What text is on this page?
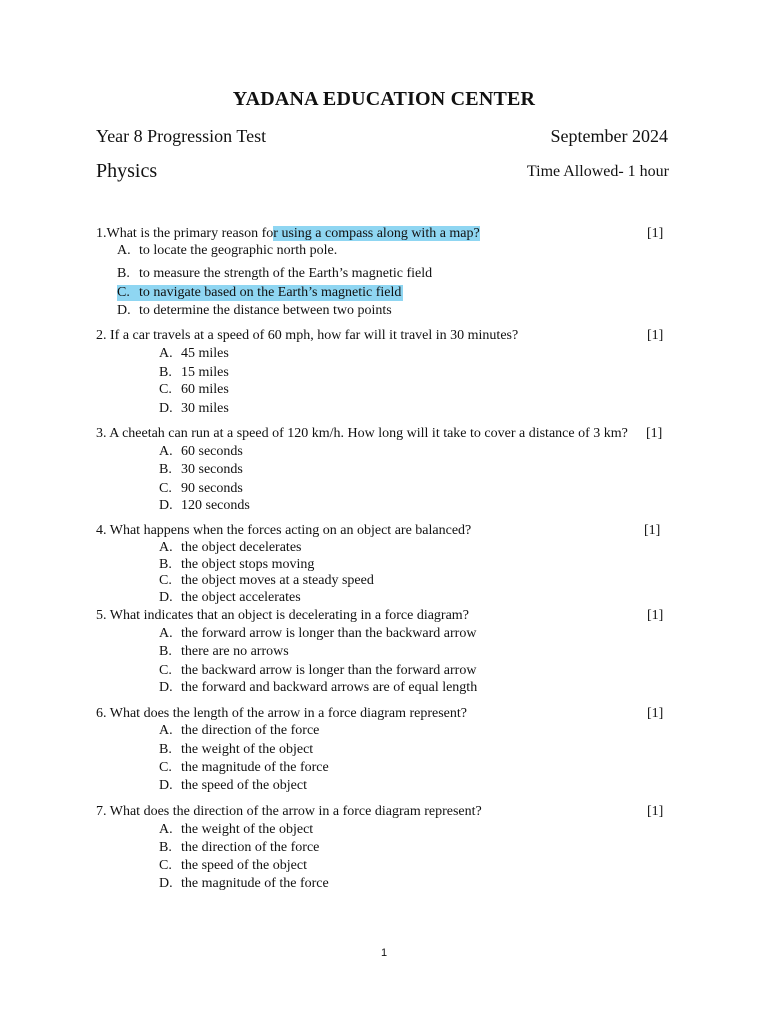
YADANA EDUCATION CENTER
Year 8 Progression Test	September 2024
Physics	Time Allowed- 1 hour
1.What is the primary reason for using a compass along with a map?	[1]
A. to locate the geographic north pole.
B. to measure the strength of the Earth’s magnetic field
C. to navigate based on the Earth’s magnetic field
D. to determine the distance between two points
2. If a car travels at a speed of 60 mph, how far will it travel in 30 minutes?	[1]
A. 45 miles
B. 15 miles
C. 60 miles
D. 30 miles
3. A cheetah can run at a speed of 120 km/h. How long will it take to cover a distance of 3 km? [1]
A. 60 seconds
B. 30 seconds
C. 90 seconds
D. 120 seconds
4. What happens when the forces acting on an object are balanced?	[1]
A. the object decelerates
B. the object stops moving
C. the object moves at a steady speed
D. the object accelerates
5. What indicates that an object is decelerating in a force diagram?	[1]
A. the forward arrow is longer than the backward arrow
B. there are no arrows
C. the backward arrow is longer than the forward arrow
D. the forward and backward arrows are of equal length
6. What does the length of the arrow in a force diagram represent?	[1]
A. the direction of the force
B. the weight of the object
C. the magnitude of the force
D. the speed of the object
7. What does the direction of the arrow in a force diagram represent?	[1]
A. the weight of the object
B. the direction of the force
C. the speed of the object
D. the magnitude of the force
1
